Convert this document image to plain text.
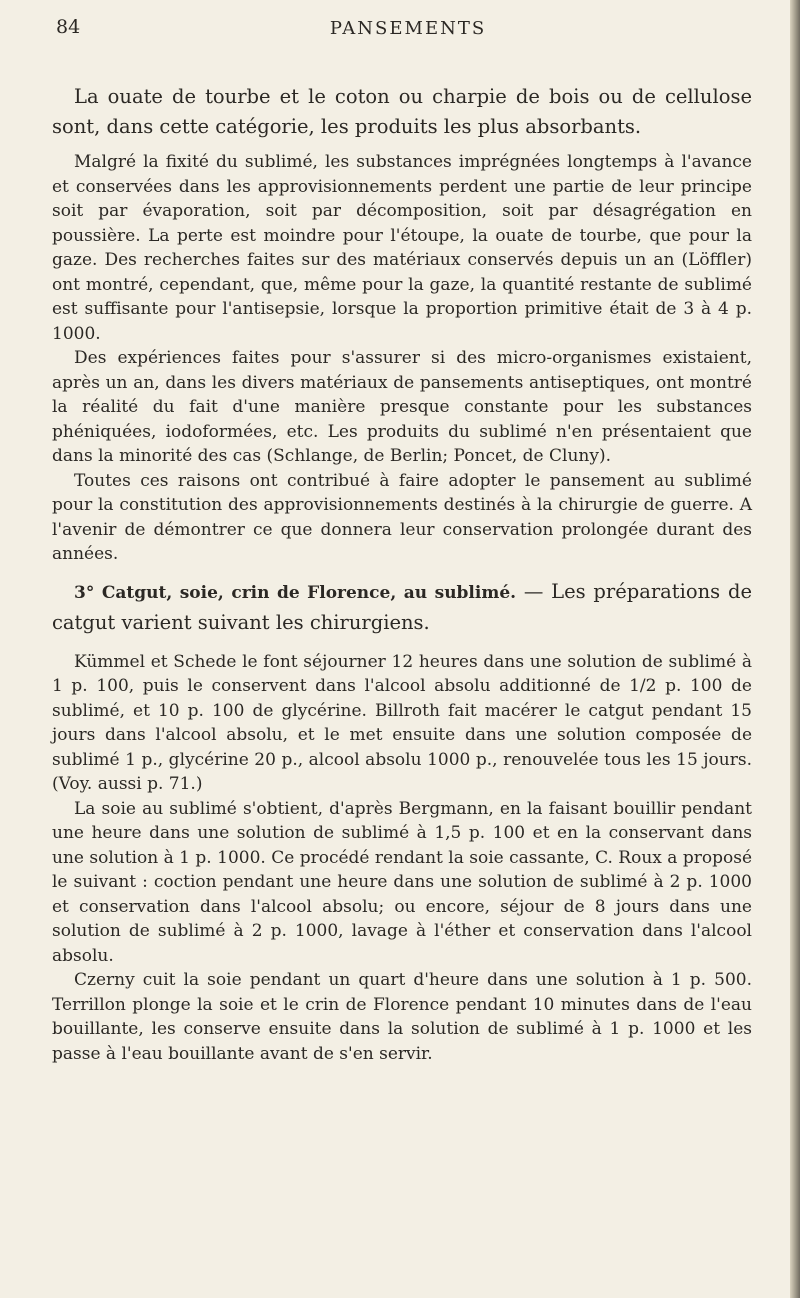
84	PANSEMENTS

La ouate de tourbe et le coton ou charpie de bois ou de cellulose sont, dans cette catégorie, les produits les plus absorbants.

Malgré la fixité du sublimé, les substances imprégnées longtemps à l'avance et conservées dans les approvisionnements perdent une partie de leur principe soit par évaporation, soit par décomposition, soit par désagrégation en poussière. La perte est moindre pour l'étoupe, la ouate de tourbe, que pour la gaze. Des recherches faites sur des matériaux conservés depuis un an (Löffler) ont montré, cependant, que, même pour la gaze, la quantité restante de sublimé est suffisante pour l'antisepsie, lorsque la proportion primitive était de 3 à 4 p. 1000.

Des expériences faites pour s'assurer si des micro-organismes existaient, après un an, dans les divers matériaux de pansements antiseptiques, ont montré la réalité du fait d'une manière presque constante pour les substances phéniquées, iodoformées, etc. Les produits du sublimé n'en présentaient que dans la minorité des cas (Schlange, de Berlin; Poncet, de Cluny).

Toutes ces raisons ont contribué à faire adopter le pansement au sublimé pour la constitution des approvisionnements destinés à la chirurgie de guerre. A l'avenir de démontrer ce que donnera leur conservation prolongée durant des années.

3° Catgut, soie, crin de Florence, au sublimé. — Les préparations de catgut varient suivant les chirurgiens.

Kümmel et Schede le font séjourner 12 heures dans une solution de sublimé à 1 p. 100, puis le conservent dans l'alcool absolu additionné de 1/2 p. 100 de sublimé, et 10 p. 100 de glycérine. Billroth fait macérer le catgut pendant 15 jours dans l'alcool absolu, et le met ensuite dans une solution composée de sublimé 1 p., glycérine 20 p., alcool absolu 1000 p., renouvelée tous les 15 jours. (Voy. aussi p. 71.)

La soie au sublimé s'obtient, d'après Bergmann, en la faisant bouillir pendant une heure dans une solution de sublimé à 1,5 p. 100 et en la conservant dans une solution à 1 p. 1000. Ce procédé rendant la soie cassante, C. Roux a proposé le suivant : coction pendant une heure dans une solution de sublimé à 2 p. 1000 et conservation dans l'alcool absolu; ou encore, séjour de 8 jours dans une solution de sublimé à 2 p. 1000, lavage à l'éther et conservation dans l'alcool absolu.

Czerny cuit la soie pendant un quart d'heure dans une solution à 1 p. 500. Terrillon plonge la soie et le crin de Florence pendant 10 minutes dans de l'eau bouillante, les conserve ensuite dans la solution de sublimé à 1 p. 1000 et les passe à l'eau bouillante avant de s'en servir.
